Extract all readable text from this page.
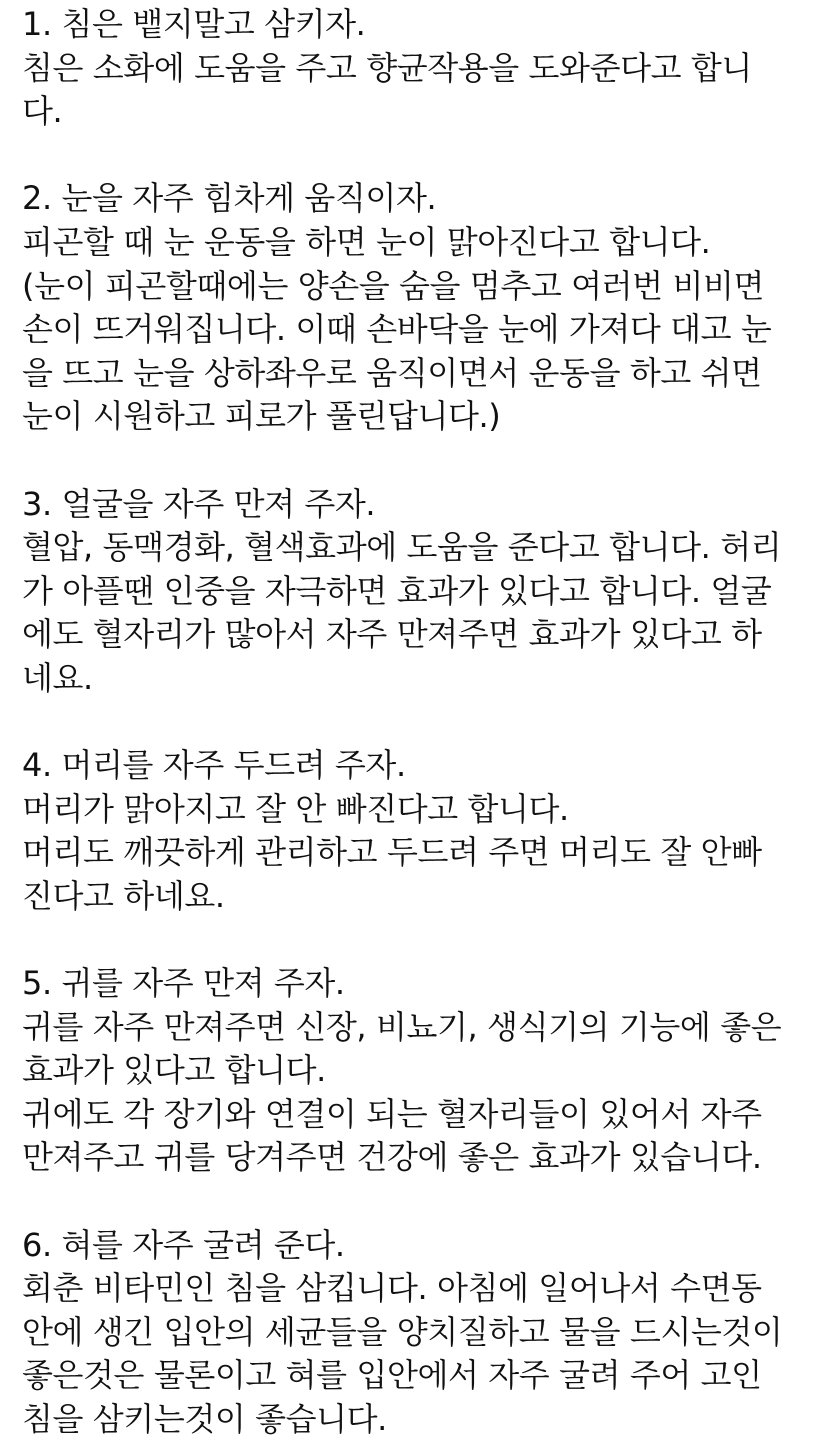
1. 침은 뱉지말고 삼키자.
침은 소화에 도움을 주고 향균작용을 도와준다고 합니
다.
2. 눈을 자주 힘차게 움직이자.
피곤할 때 눈 운동을 하면 눈이 맑아진다고 합니다.
(눈이 피곤할때에는 양손을 숨을 멈추고 여러번 비비면
손이 뜨거워집니다. 이때 손바닥을 눈에 가져다 대고 눈
을 뜨고 눈을 상하좌우로 움직이면서 운동을 하고 쉬면
눈이 시원하고 피로가 풀린답니다.)
3. 얼굴을 자주 만져 주자.
혈압, 동맥경화, 혈색효과에 도움을 준다고 합니다. 허리
가 아플땐 인중을 자극하면 효과가 있다고 합니다. 얼굴
에도 혈자리가 많아서 자주 만져주면 효과가 있다고 하
네요.
4. 머리를 자주 두드려 주자.
머리가 맑아지고 잘 안 빠진다고 합니다.
머리도 깨끗하게 관리하고 두드려 주면 머리도 잘 안빠
진다고 하네요.
5. 귀를 자주 만져 주자.
귀를 자주 만져주면 신장, 비뇨기, 생식기의 기능에 좋은
효과가 있다고 합니다.
귀에도 각 장기와 연결이 되는 혈자리들이 있어서 자주
만져주고 귀를 당겨주면 건강에 좋은 효과가 있습니다.
6. 혀를 자주 굴려 준다.
회춘 비타민인 침을 삼킵니다. 아침에 일어나서 수면동
안에 생긴 입안의 세균들을 양치질하고 물을 드시는것이
좋은것은 물론이고 혀를 입안에서 자주 굴려 주어 고인
침을 삼키는것이 좋습니다.
